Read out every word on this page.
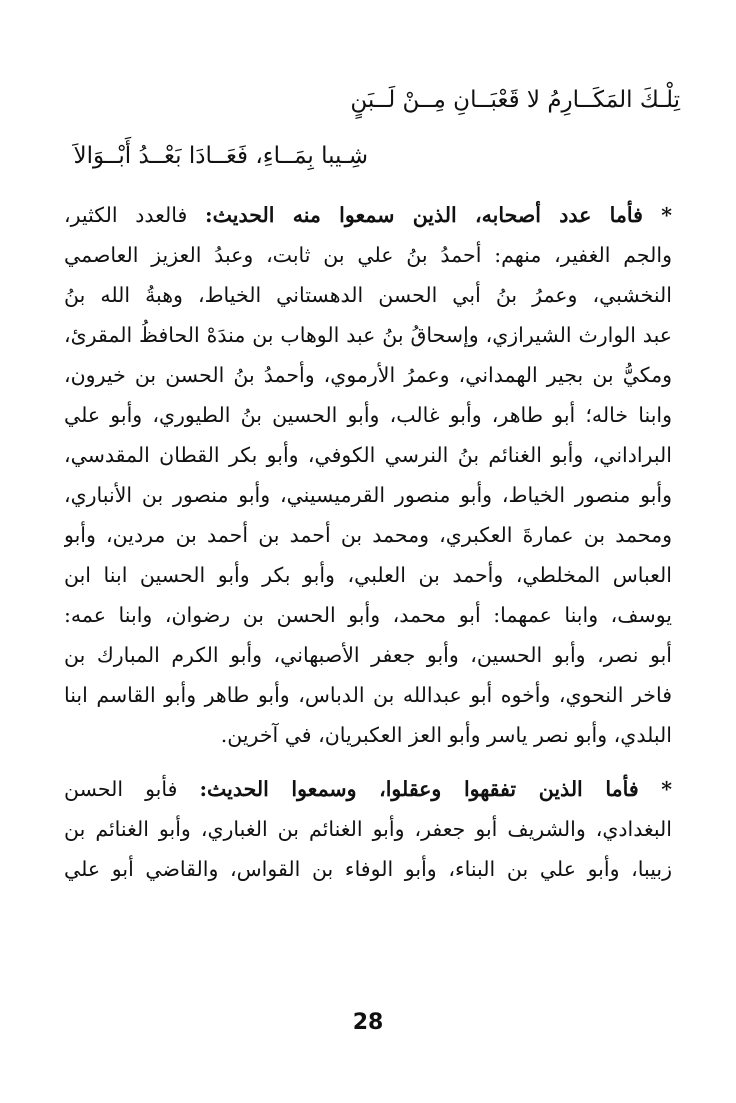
تِلْـكَ المَكَــارِمُ لا قَعْبَــانِ مِــنْ لَــبَنٍ
شِـيبا بِمَــاءِ، فَعَــادَا بَعْــدُ أَبْــوَالاَ
* فأما عدد أصحابه، الذين سمعوا منه الحديث: فالعدد الكثير،
والجم الغفير، منهم: أحمدُ بنُ علي بن ثابت، وعبدُ العزيز العاصمي
النخشبي، وعمرُ بنُ أبي الحسن الدهستاني الخياط، وهبةُ الله بنُ
عبد الوارث الشيرازي، وإسحاقُ بنُ عبد الوهاب بن مندَهْ الحافظُ المقرئ،
ومكيُّ بن بجير الهمداني، وعمرُ الأرموي، وأحمدُ بنُ الحسن بن خيرون،
وابنا خاله؛ أبو طاهر، وأبو غالب، وأبو الحسين بنُ الطيوري، وأبو علي
البراداني، وأبو الغنائم بنُ النرسي الكوفي، وأبو بكر القطان المقدسي،
وأبو منصور الخياط، وأبو منصور القرميسيني، وأبو منصور بن الأنباري،
ومحمد بن عمارةَ العكبري، ومحمد بن أحمد بن أحمد بن مردين، وأبو
العباس المخلطي، وأحمد بن العلبي، وأبو بكر وأبو الحسين ابنا ابن
يوسف، وابنا عمهما: أبو محمد، وأبو الحسن بن رضوان، وابنا عمه:
أبو نصر، وأبو الحسين، وأبو جعفر الأصبهاني، وأبو الكرم المبارك بن
فاخر النحوي، وأخوه أبو عبدالله بن الدباس، وأبو طاهر وأبو القاسم ابنا
البلدي، وأبو نصر ياسر وأبو العز العكبريان، في آخرين.
* فأما الذين تفقهوا وعقلوا، وسمعوا الحديث: فأبو الحسن
البغدادي، والشريف أبو جعفر، وأبو الغنائم بن الغباري، وأبو الغنائم بن
زبيبا، وأبو علي بن البناء، وأبو الوفاء بن القواس، والقاضي أبو علي
28
